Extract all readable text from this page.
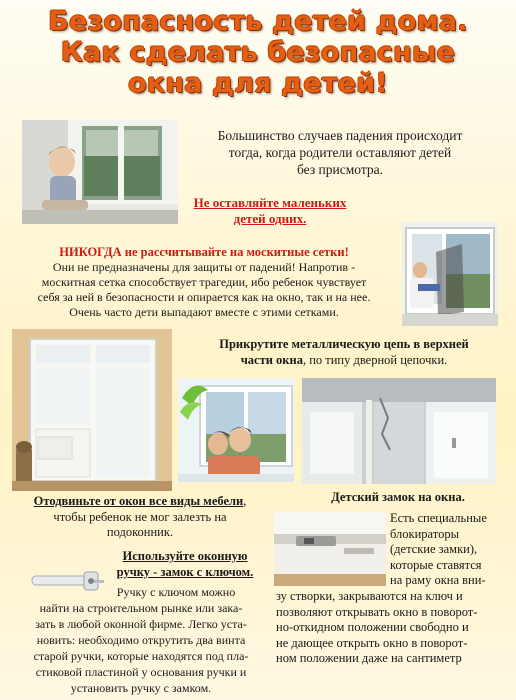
Безопасность детей дома.
Как сделать безопасные
окна для детей!
Большинство случаев падения происходит
тогда, когда родители оставляют детей
без присмотра.
Не оставляйте маленьких
детей одних.
НИКОГДА не рассчитывайте на москитные сетки!
Они не предназначены для защиты от падений! Напротив -
москитная сетка способствует трагедии, ибо ребенок чувствует
себя за ней в безопасности и опирается как на окно, так и на нее.
Очень часто дети выпадают вместе с этими сетками.
Прикрутите металлическую цепь в верхней
части окна, по типу дверной цепочки.
Отодвиньте от окон все виды мебели,
чтобы ребенок не мог залезть на
подоконник.
Детский замок на окна.
Есть специальные
блокираторы
(детские замки),
которые ставятся
на раму окна вни-
зу створки, закрываются на ключ и
позволяют открывать окно в поворот-
но-откидном положении свободно и
не дающее открыть окно в поворот-
ном положении даже на сантиметр
Используйте оконную
ручку - замок с ключом.
Ручку с ключом можно
найти на строительном рынке или зака-
зать в любой оконной фирме. Легко уста-
новить: необходимо открутить два винта
старой ручки, которые находятся под пла-
стиковой пластиной у основания ручки и
установить ручку с замком.
